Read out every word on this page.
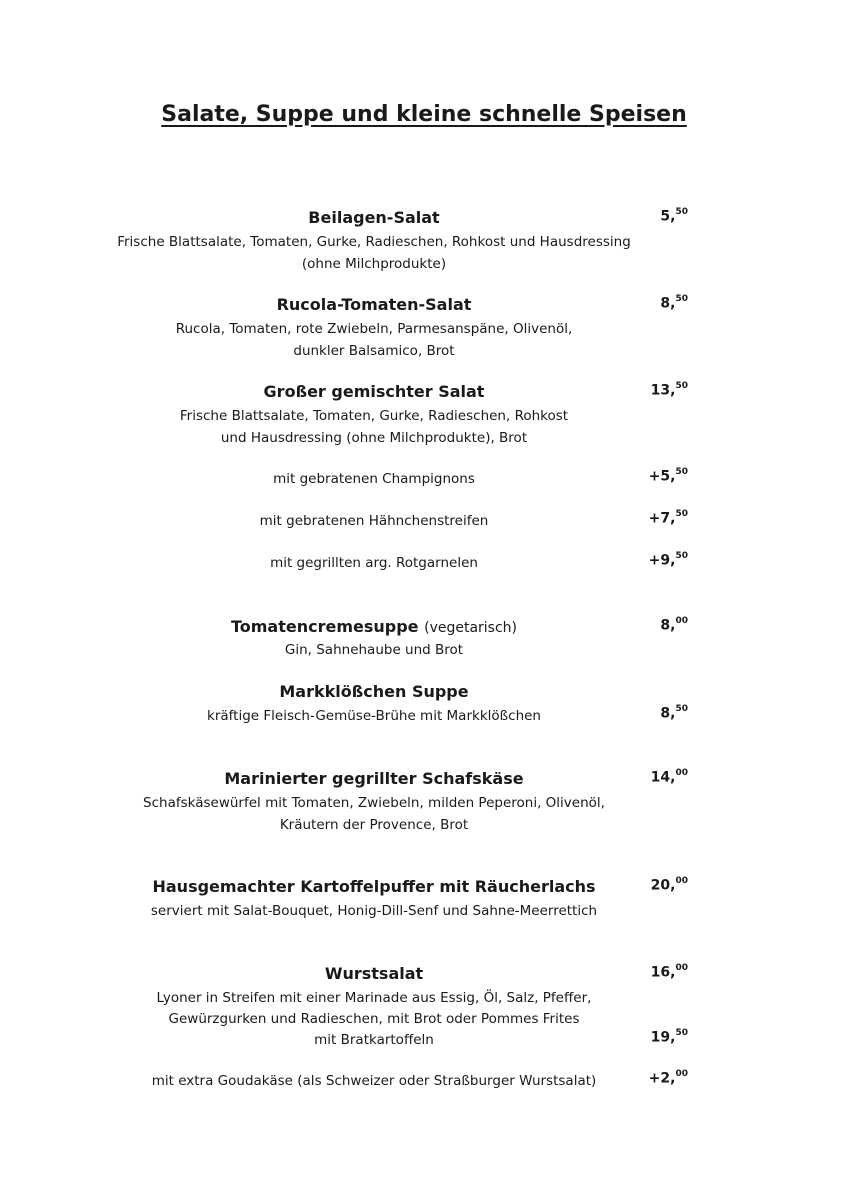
Salate, Suppe und kleine schnelle Speisen
Beilagen-Salat	5,50
Frische Blattsalate, Tomaten, Gurke, Radieschen, Rohkost und Hausdressing
(ohne Milchprodukte)
Rucola-Tomaten-Salat	8,50
Rucola, Tomaten, rote Zwiebeln, Parmesanspäne, Olivenöl,
dunkler Balsamico, Brot
Großer gemischter Salat	13,50
Frische Blattsalate, Tomaten, Gurke, Radieschen, Rohkost
und Hausdressing (ohne Milchprodukte), Brot
mit gebratenen Champignons	+5,50
mit gebratenen Hähnchenstreifen	+7,50
mit gegrillten arg. Rotgarnelen	+9,50
Tomatencremesuppe (vegetarisch)	8,00
Gin, Sahnehaube und Brot
Markklößchen Suppe
kräftige Fleisch-Gemüse-Brühe mit Markklößchen	8,50
Marinierter gegrillter Schafskäse	14,00
Schafskäsewürfel mit Tomaten, Zwiebeln, milden Peperoni, Olivenöl,
Kräutern der Provence, Brot
Hausgemachter Kartoffelpuffer mit Räucherlachs	20,00
serviert mit Salat-Bouquet, Honig-Dill-Senf und Sahne-Meerrettich
Wurstsalat	16,00
Lyoner in Streifen mit einer Marinade aus Essig, Öl, Salz, Pfeffer,
Gewürzgurken und Radieschen, mit Brot oder Pommes Frites
mit Bratkartoffeln	19,50
mit extra Goudakäse (als Schweizer oder Straßburger Wurstsalat)	+2,00
